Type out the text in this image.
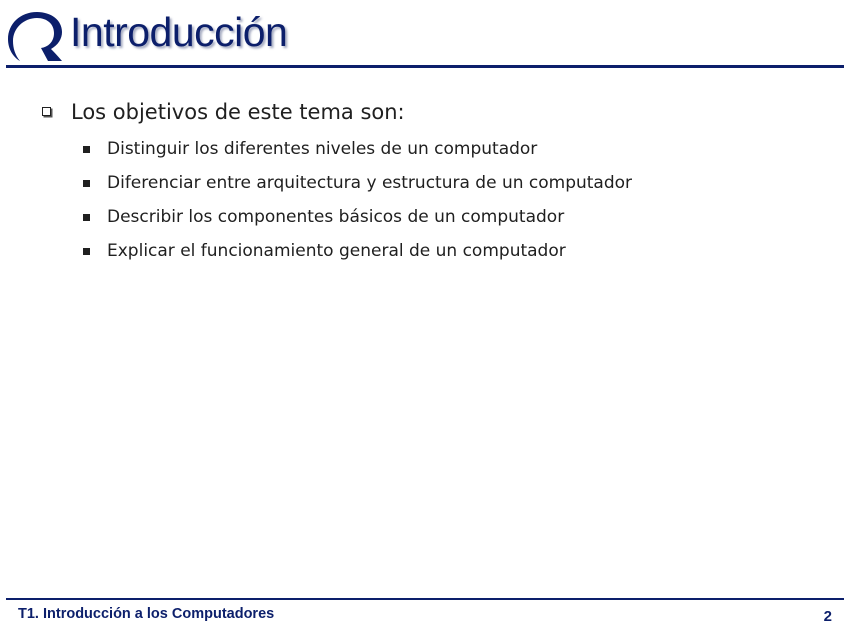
Introducción
Los objetivos de este tema son:
Distinguir los diferentes niveles de un computador
Diferenciar entre arquitectura y estructura de un computador
Describir los componentes básicos de un computador
Explicar el funcionamiento general de un computador
T1. Introducción a los Computadores	2
